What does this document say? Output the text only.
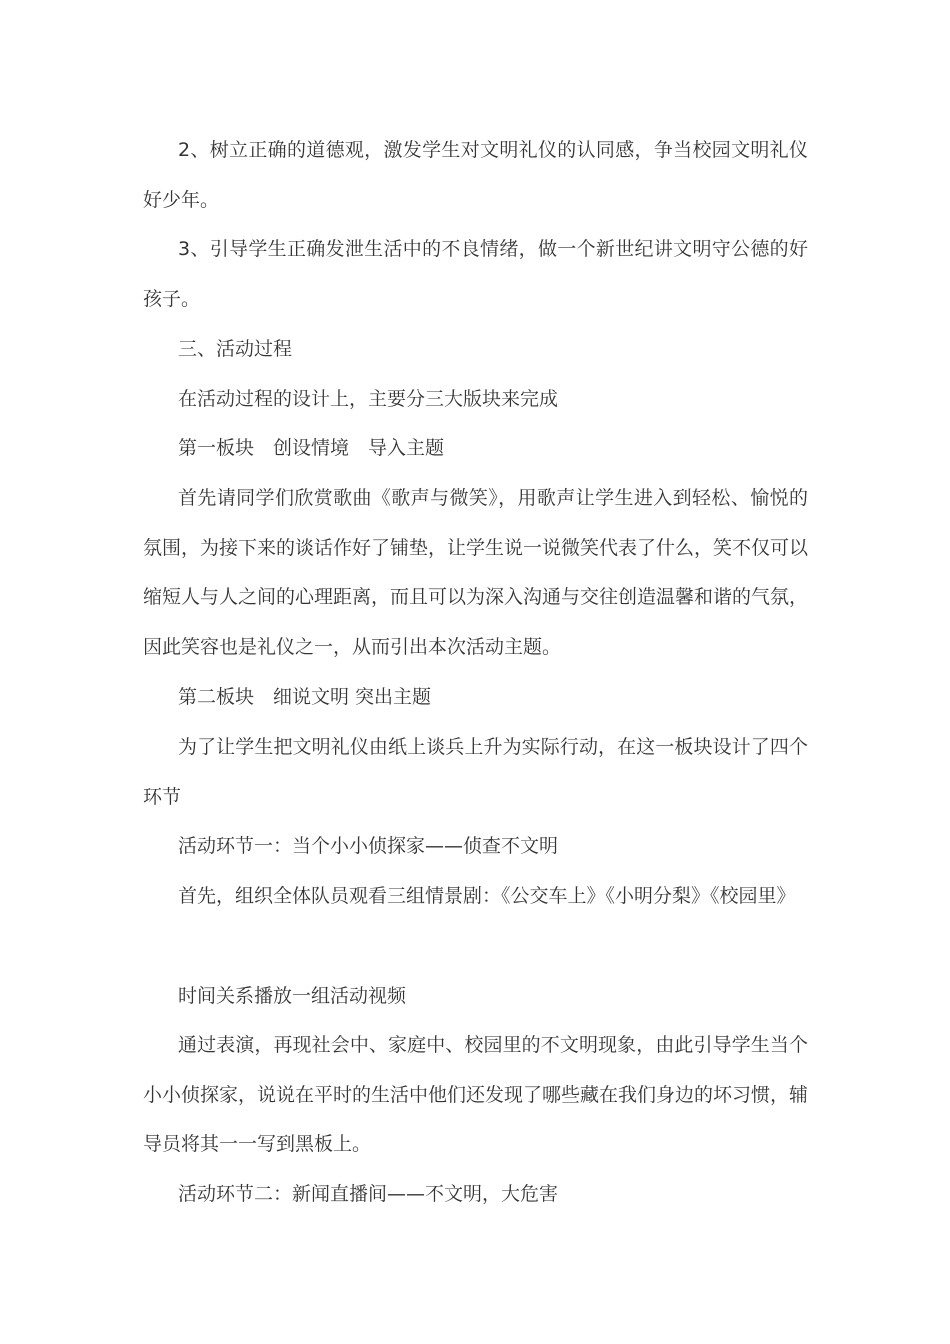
2、树立正确的道德观，激发学生对文明礼仪的认同感，争当校园文明礼仪好少年。

3、引导学生正确发泄生活中的不良情绪，做一个新世纪讲文明守公德的好孩子。

三、活动过程

在活动过程的设计上，主要分三大版块来完成

第一板块　创设情境　导入主题

首先请同学们欣赏歌曲《歌声与微笑》，用歌声让学生进入到轻松、愉悦的氛围，为接下来的谈话作好了铺垫，让学生说一说微笑代表了什么，笑不仅可以缩短人与人之间的心理距离，而且可以为深入沟通与交往创造温馨和谐的气氛，因此笑容也是礼仪之一，从而引出本次活动主题。

第二板块　细说文明 突出主题

为了让学生把文明礼仪由纸上谈兵上升为实际行动，在这一板块设计了四个环节

活动环节一：当个小小侦探家——侦查不文明

首先，组织全体队员观看三组情景剧：《公交车上》《小明分梨》《校园里》

时间关系播放一组活动视频

通过表演，再现社会中、家庭中、校园里的不文明现象，由此引导学生当个小小侦探家，说说在平时的生活中他们还发现了哪些藏在我们身边的坏习惯，辅导员将其一一写到黑板上。

活动环节二：新闻直播间——不文明，大危害
